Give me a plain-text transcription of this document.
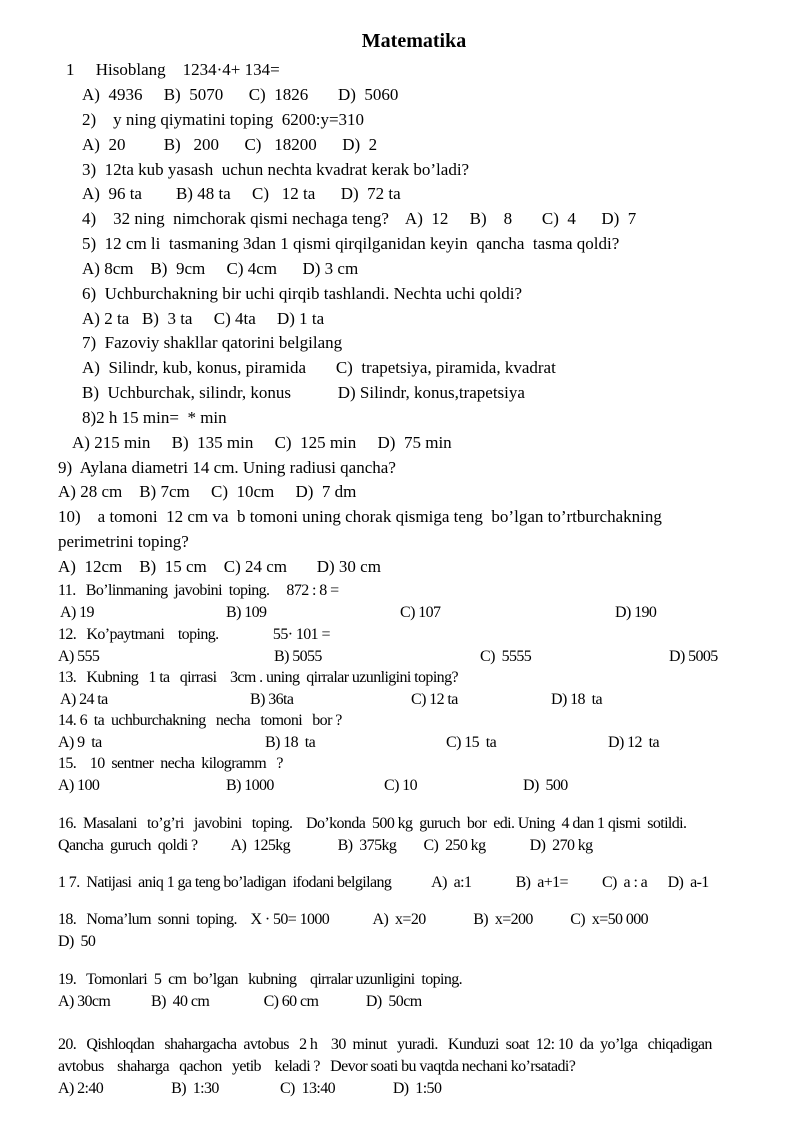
Matematika
1     Hisoblang    1234·4+ 134=
A)  4936     B)  5070      C)  1826       D)  5060
2)    y ning qiymatini toping  6200:y=310
A)  20         B)   200      C)   18200      D)  2
3)  12ta kub yasash  uchun nechta kvadrat kerak bo’ladi?
A)  96 ta        B) 48 ta     C)   12 ta      D)  72 ta
4)    32 ning  nimchorak qismi nechaga teng?    A)  12     B)    8       C)  4      D)  7
5)  12 cm li  tasmaning 3dan 1 qismi qirqilganidan keyin  qancha  tasma qoldi?
A) 8cm    B)  9cm     C) 4cm      D) 3 cm
6)  Uchburchakning bir uchi qirqib tashlandi. Nechta uchi qoldi?
A) 2 ta   B)  3 ta     C) 4ta     D) 1 ta
7)  Fazoviy shakllar qatorini belgilang
A)  Silindr, kub, konus, piramida       C)  trapetsiya, piramida, kvadrat
B)  Uchburchak, silindr, konus           D) Silindr, konus,trapetsiya
8)2 h 15 min=  * min
A) 215 min     B)  135 min     C)  125 min     D)  75 min
9)  Aylana diametri 14 cm. Uning radiusi qancha?
A) 28 cm    B) 7cm     C)  10cm     D)  7 dm
10)    a tomoni  12 cm va  b tomoni uning chorak qismiga teng  bo’lgan to’rtburchakning
perimetrini toping?
A)  12cm    B)  15 cm    C) 24 cm       D) 30 cm
11.   Bo’linmaning  javobini  toping.     872 : 8 =
A) 19	B) 109	C) 107	D) 190
12.   Ko’paytmani    toping.                55· 101 =
A) 555	B) 5055	C)  5555	D) 5005
13.   Kubning   1 ta   qirrasi    3cm . uning  qirralar uzunligini toping?
A) 24 ta	B) 36ta	C) 12 ta	D) 18  ta
14. 6  ta  uchburchakning   necha   tomoni   bor ?
A) 9  ta	B) 18  ta	C) 15  ta	D) 12  ta
15.    10  sentner  necha  kilogramm   ?
A) 100	B) 1000	C) 10	D)  500
16.  Masalani   to’g’ri   javobini   toping.    Do’konda  500 kg  guruch  bor  edi. Uning  4 dan 1 qismi  sotildi.
Qancha  guruch  qoldi ?          A)  125kg              B)  375kg        C)  250 kg             D)  270 kg
1 7.  Natijasi  aniq 1 ga teng bo’ladigan  ifodani belgilang            A)  a:1             B)  a+1=          C)  a : a      D)  a-1
18.   Noma’lum  sonni  toping.    X · 50= 1000             A)  x=20              B)  x=200           C)  x=50 000
D)  50
19.   Tomonlari  5  cm  bo’lgan   kubning    qirralar uzunligini  toping.
A) 30cm            B)  40 cm                C) 60 cm              D)  50cm
20.   Qishloqdan   shahargacha  avtobus   2 h    30  minut   yuradi.   Kunduzi  soat  12: 10  da  yo’lga   chiqadigan
avtobus    shaharga   qachon   yetib    keladi ?   Devor soati bu vaqtda nechani ko’rsatadi?
A) 2:40                    B)  1:30                  C)  13:40                 D)  1:50
